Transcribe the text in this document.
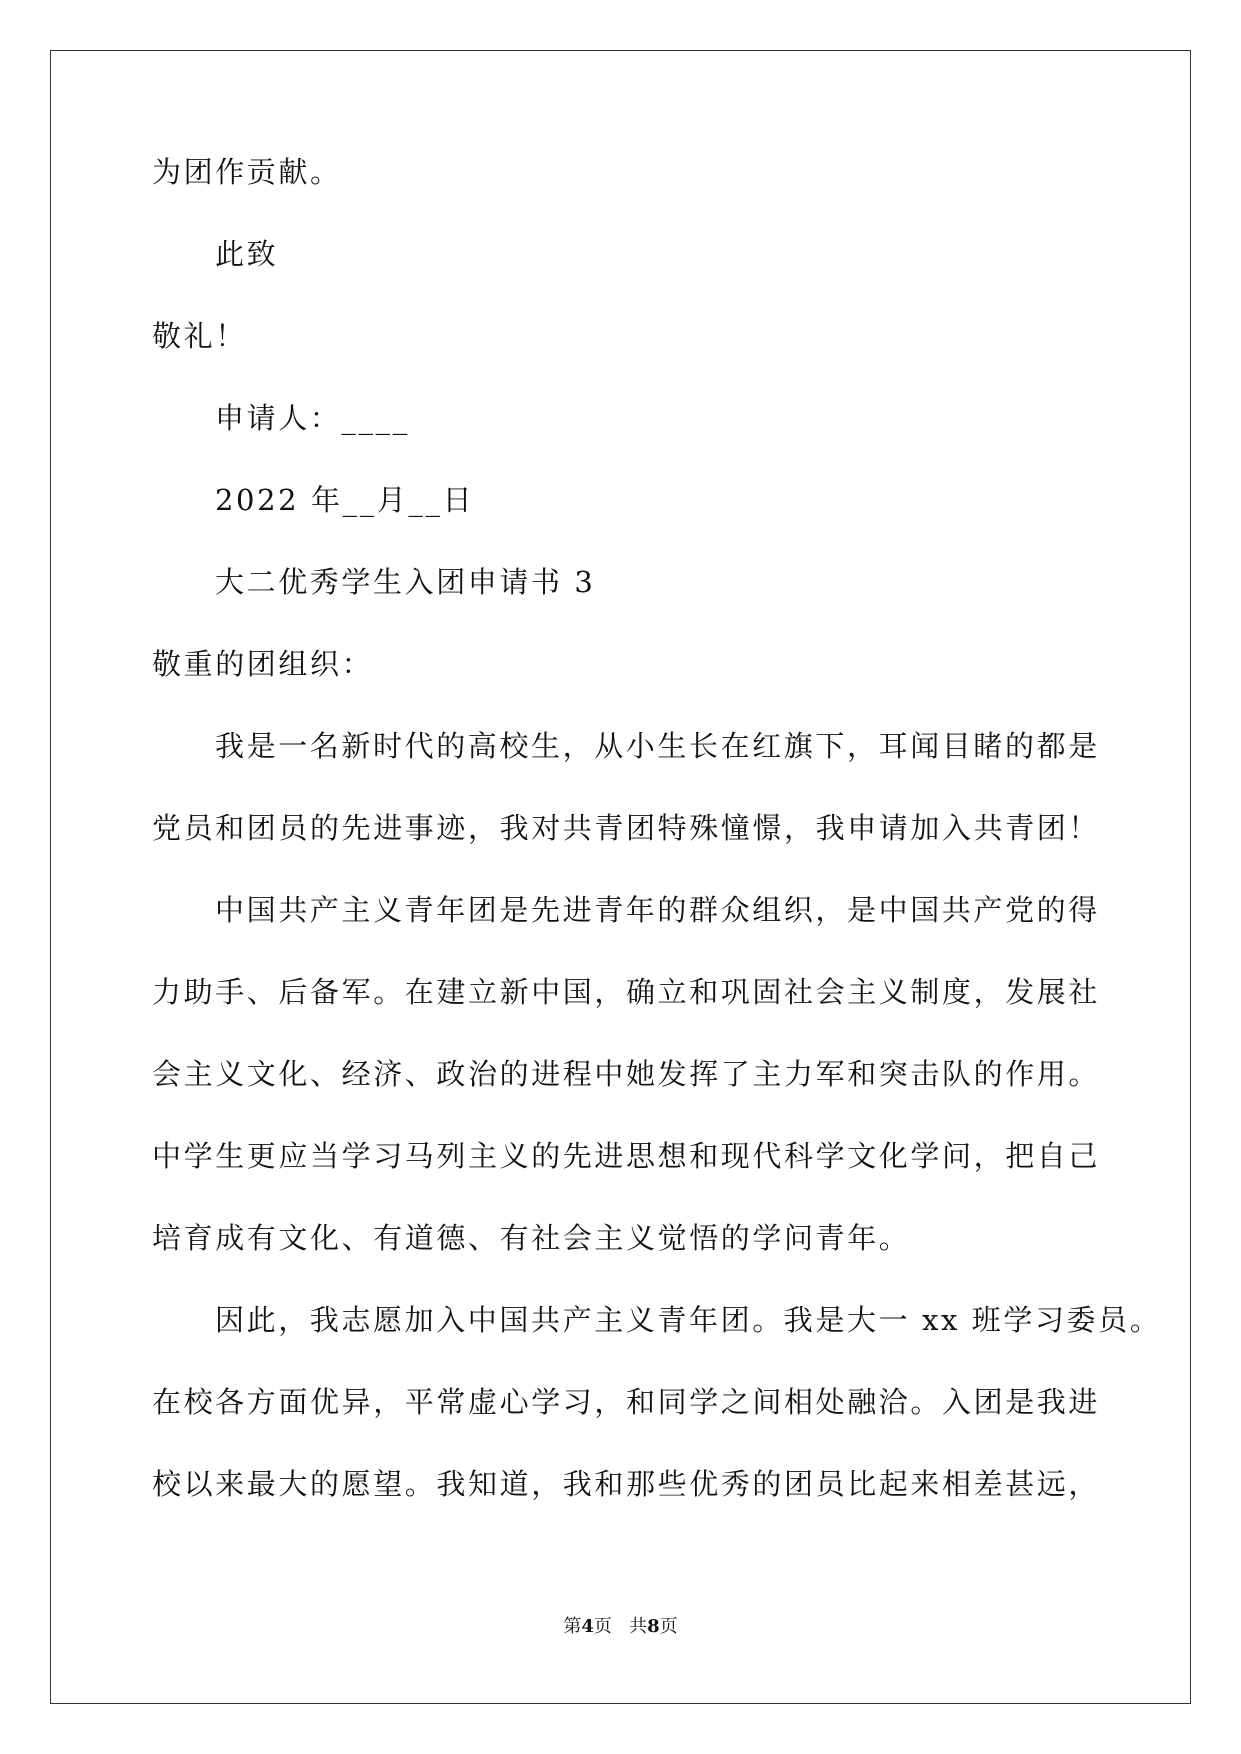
为团作贡献。
此致
敬礼！
申请人：____
2022 年__月__日
大二优秀学生入团申请书 3
敬重的团组织：
我是一名新时代的高校生，从小生长在红旗下，耳闻目睹的都是
党员和团员的先进事迹，我对共青团特殊憧憬，我申请加入共青团！
中国共产主义青年团是先进青年的群众组织，是中国共产党的得
力助手、后备军。在建立新中国，确立和巩固社会主义制度，发展社
会主义文化、经济、政治的进程中她发挥了主力军和突击队的作用。
中学生更应当学习马列主义的先进思想和现代科学文化学问，把自己
培育成有文化、有道德、有社会主义觉悟的学问青年。
因此，我志愿加入中国共产主义青年团。我是大一 xx 班学习委员。
在校各方面优异，平常虚心学习，和同学之间相处融洽。入团是我进
校以来最大的愿望。我知道，我和那些优秀的团员比起来相差甚远，
第4页 共8页
